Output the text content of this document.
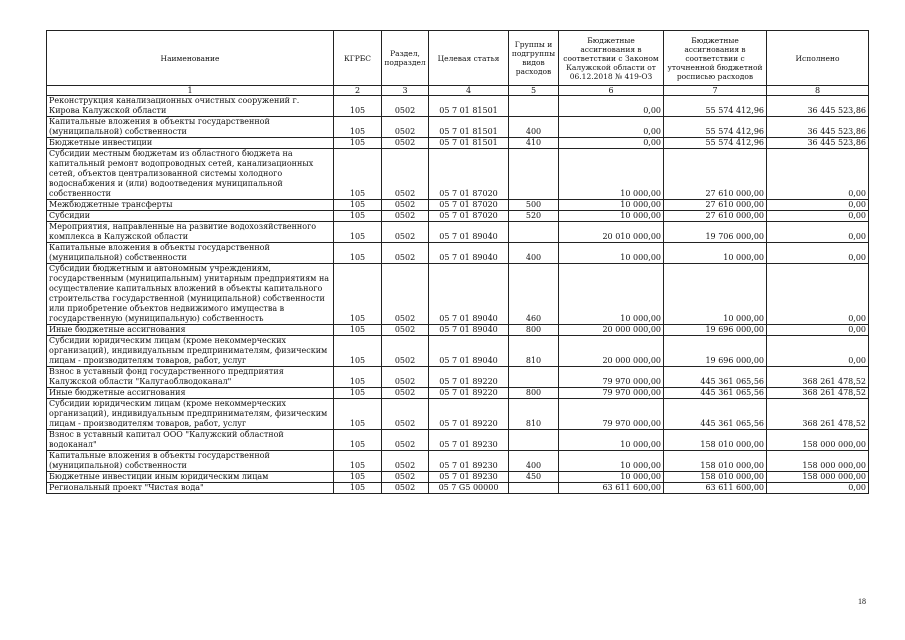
Наименование	КГРБС	Раздел, подраздел	Целевая статья	Группы и подгруппы видов расходов	Бюджетные ассигнования в соответствии с Законом Калужской области от 06.12.2018 № 419-ОЗ	Бюджетные ассигнования в соответствии с уточненной бюджетной росписью расходов	Исполнено
1	2	3	4	5	6	7	8
Реконструкция канализационных очистных сооружений г. Кирова Калужской области	105	0502	05 7 01 81501		0,00	55 574 412,96	36 445 523,86
Капитальные вложения в объекты государственной (муниципальной) собственности	105	0502	05 7 01 81501	400	0,00	55 574 412,96	36 445 523,86
Бюджетные инвестиции	105	0502	05 7 01 81501	410	0,00	55 574 412,96	36 445 523,86
Субсидии местным бюджетам из областного бюджета на капитальный ремонт водопроводных сетей, канализационных сетей, объектов централизованной системы холодного водоснабжения и (или) водоотведения муниципальной собственности	105	0502	05 7 01 87020		10 000,00	27 610 000,00	0,00
Межбюджетные трансферты	105	0502	05 7 01 87020	500	10 000,00	27 610 000,00	0,00
Субсидии	105	0502	05 7 01 87020	520	10 000,00	27 610 000,00	0,00
Мероприятия, направленные на развитие водохозяйственного комплекса в Калужской области	105	0502	05 7 01 89040		20 010 000,00	19 706 000,00	0,00
Капитальные вложения в объекты государственной (муниципальной) собственности	105	0502	05 7 01 89040	400	10 000,00	10 000,00	0,00
Субсидии бюджетным и автономным учреждениям, государственным (муниципальным) унитарным предприятиям на осуществление капитальных вложений в объекты капитального строительства государственной (муниципальной) собственности или приобретение объектов недвижимого имущества в государственную (муниципальную) собственность	105	0502	05 7 01 89040	460	10 000,00	10 000,00	0,00
Иные бюджетные ассигнования	105	0502	05 7 01 89040	800	20 000 000,00	19 696 000,00	0,00
Субсидии юридическим лицам (кроме некоммерческих организаций), индивидуальным предпринимателям, физическим лицам - производителям товаров, работ, услуг	105	0502	05 7 01 89040	810	20 000 000,00	19 696 000,00	0,00
Взнос в уставный фонд государственного предприятия Калужской области "Калугаоблводоканал"	105	0502	05 7 01 89220		79 970 000,00	445 361 065,56	368 261 478,52
Иные бюджетные ассигнования	105	0502	05 7 01 89220	800	79 970 000,00	445 361 065,56	368 261 478,52
Субсидии юридическим лицам (кроме некоммерческих организаций), индивидуальным предпринимателям, физическим лицам - производителям товаров, работ, услуг	105	0502	05 7 01 89220	810	79 970 000,00	445 361 065,56	368 261 478,52
Взнос в уставный капитал ООО "Калужский областной водоканал"	105	0502	05 7 01 89230		10 000,00	158 010 000,00	158 000 000,00
Капитальные вложения в объекты государственной (муниципальной) собственности	105	0502	05 7 01 89230	400	10 000,00	158 010 000,00	158 000 000,00
Бюджетные инвестиции иным юридическим лицам	105	0502	05 7 01 89230	450	10 000,00	158 010 000,00	158 000 000,00
Региональный проект "Чистая вода"	105	0502	05 7 G5 00000		63 611 600,00	63 611 600,00	0,00
18
